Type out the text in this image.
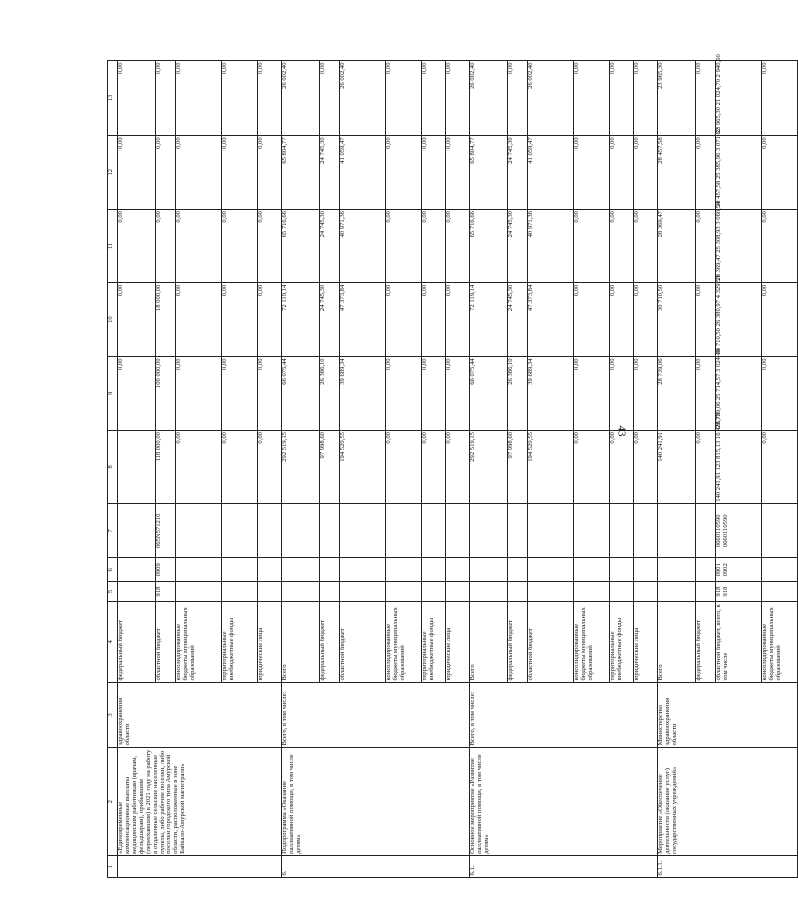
43
1	2	3	4	5	6	7	8	9	10	11	12	13
	«Единовременные компенсационные выплаты медицинским работникам (врачам, фельдшерам), прибывшим (переехавшим) в 2021 году на работу в отдаленные сельские населенные пункты, либо рабочие поселки, либо поселки городского типа Амурской области, расположенные в зоне Байкало-Амурской магистрали»	здравоохранения области	федеральный бюджет					0,00	0,00	0,00	0,00	0,00
			областной бюджет	918	0909	065N571210	118 000,00	100 000,00	18 000,00	0,00	0,00	0,00
			консолидированные бюджеты муниципальных образований				0,00	0,00	0,00	0,00	0,00	0,00
			территориальные внебюджетные фонды				0,00	0,00	0,00	0,00	0,00	0,00
			юридические лица				0,00	0,00	0,00	0,00	0,00	0,00
6.	Подпрограмма «Оказание паллиативной помощи, в том числе детям»	Всего, в том числе:	Всего				292 519,15	66 075,44	72 119,14	65 716,66	65 804,77	26 002,40
			федеральный бюджет				97 998,60	26 386,10	24 745,30	24 745,30	24 745,30	0,00
			областной бюджет				194 520,55	39 689,34	47 373,84	40 971,36	41 059,47	26 002,40
			консолидированные бюджеты муниципальных образований				0,00	0,00	0,00	0,00	0,00	0,00
			территориальные внебюджетные фонды				0,00	0,00	0,00	0,00	0,00	0,00
			юридические лица				0,00	0,00	0,00	0,00	0,00	0,00
6.1.	Основное мероприятие «Развитие паллиативной помощи, в том числе детям»	Всего, в том числе:	Всего				292 519,15	66 075,44	72 119,14	65 716,66	65 804,77	26 002,40
			федеральный бюджет				97 998,60	26 386,10	24 745,30	24 745,30	24 745,30	0,00
			областной бюджет				194 520,55	39 689,34	47 373,84	40 971,36	41 059,47	26 002,40
			консолидированные бюджеты муниципальных образований				0,00	0,00	0,00	0,00	0,00	0,00
			территориальные внебюджетные фонды				0,00	0,00	0,00	0,00	0,00	0,00
			юридические лица				0,00	0,00	0,00	0,00	0,00	0,00
6.1.1.	Мероприятие «Обеспечение деятельности (оказание услуг) государственных учреждений»	Министерство здравоохранения области	Всего				140 241,91	28 739,06	30 710,50	28 369,47	28 457,58	23 965,30
			федеральный бюджет				0,00	0,00	0,00	0,00	0,00	0,00
			областной бюджет, всего, в том числе	918 918	0901 0902	0660110590 0660110590	140 241,91 123 815,13 16 426,78	28 739,06 25 714,57 3 024,49	30 710,50 26 380,97 4 329,53	28 369,47 25 308,93 3 060,54	28 457,58 25 385,96 3 071,62	23 965,30 21 024,70 2 940,60
			консолидированные бюджеты муниципальных образований				0,00	0,00	0,00	0,00	0,00	0,00
